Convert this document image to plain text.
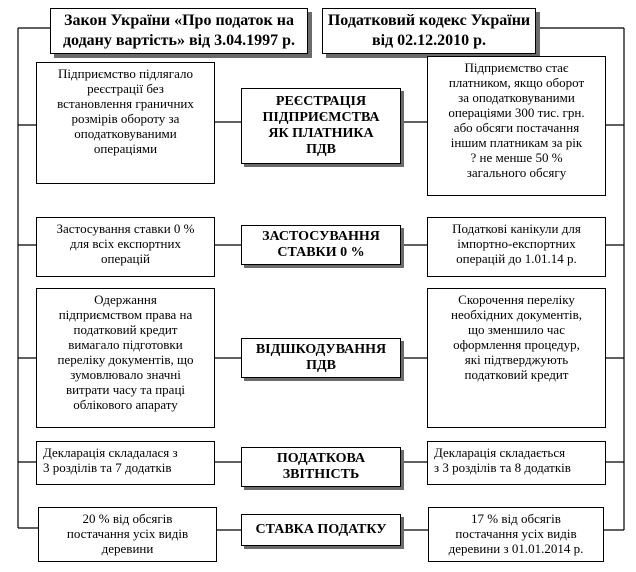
Закон України «Про податок на
додану вартість» від 3.04.1997 р.
Податковий кодекс України
від 02.12.2010 р.
Підприємство підлягало
реєстрації без
встановлення граничних
розмірів обороту за
оподатковуваними
операціями
РЕЄСТРАЦІЯ
ПІДПРИЄМСТВА
ЯК ПЛАТНИКА
ПДВ
Підприємство стає
платником, якщо оборот
за оподатковуваними
операціями 300 тис. грн.
або обсяги постачання
іншим платникам за рік
? не менше 50 %
загального обсягу
Застосування ставки 0 %
для всіх експортних
операцій
ЗАСТОСУВАННЯ
СТАВКИ 0 %
Податкові канікули для
імпортно-експортних
операцій до 1.01.14 р.
Одержання
підприємством права на
податковий кредит
вимагало підготовки
переліку документів, що
зумовлювало значні
витрати часу та праці
облікового апарату
ВІДШКОДУВАННЯ
ПДВ
Скорочення переліку
необхідних документів,
що зменшило час
оформлення процедур,
які підтверджують
податковий кредит
Декларація складалася з
3 розділів та 7 додатків
ПОДАТКОВА
ЗВІТНІСТЬ
Декларація складається
з 3 розділів та 8 додатків
20 % від обсягів
постачання усіх видів
деревини
СТАВКА ПОДАТКУ
17 % від обсягів
постачання усіх видів
деревини з 01.01.2014 р.
